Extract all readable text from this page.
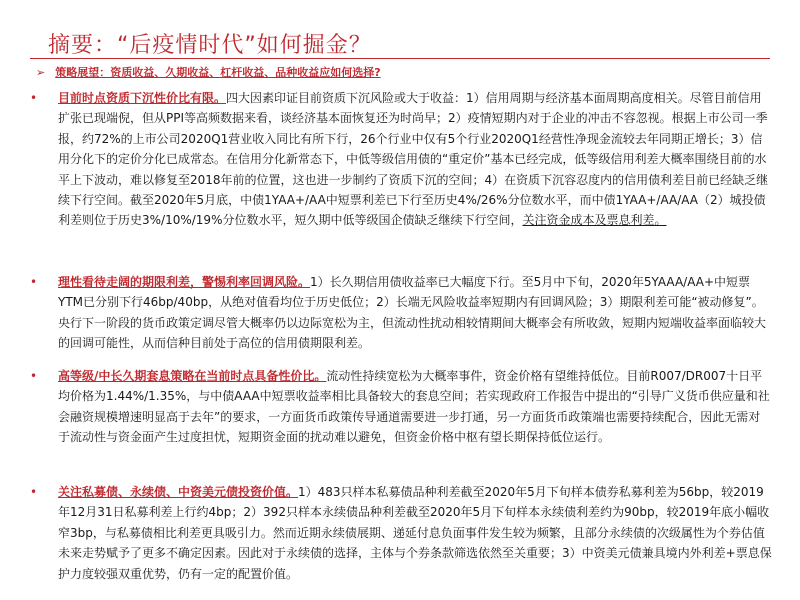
摘要：“后疫情时代”如何掘金？
➢ 策略展望：资质收益、久期收益、杠杆收益、品种收益应如何选择?
•	目前时点资质下沉性价比有限。四大因素印证目前资质下沉风险或大于收益：1）信用周期与经济基本面周期高度相关。尽管目前信用扩张已现端倪，但从PPI等高频数据来看，谈经济基本面恢复还为时尚早；2）疫情短期内对于企业的冲击不容忽视。根据上市公司一季报，约72%的上市公司2020Q1营业收入同比有所下行，26个行业中仅有5个行业2020Q1经营性净现金流较去年同期正增长；3）信用分化下的定价分化已成常态。在信用分化新常态下，中低等级信用债的“重定价”基本已经完成，低等级信用利差大概率围绕目前的水平上下波动，难以修复至2018年前的位置，这也进一步制约了资质下沉的空间；4）在资质下沉容忍度内的信用债利差目前已经缺乏继续下行空间。截至2020年5月底，中债1YAA+/AA中短票利差已下行至历史4%/26%分位数水平，而中债1YAA+/AA/AA（2）城投债利差则位于历史3%/10%/19%分位数水平，短久期中低等级国企债缺乏继续下行空间，关注资金成本及票息利差。
•	理性看待走阔的期限利差，警惕利率回调风险。1）长久期信用债收益率已大幅度下行。至5月中下旬，2020年5YAAA/AA+中短票YTM已分别下行46bp/40bp，从绝对值看均位于历史低位；2）长端无风险收益率短期内有回调风险；3）期限利差可能“被动修复”。央行下一阶段的货币政策定调尽管大概率仍以边际宽松为主，但流动性扰动相较情期间大概率会有所收敛，短期内短端收益率面临较大的回调可能性，从而信种目前处于高位的信用债期限利差。
•	高等级/中长久期套息策略在当前时点具备性价比。流动性持续宽松为大概率事件，资金价格有望维持低位。目前R007/DR007十日平均价格为1.44%/1.35%，与中债AAA中短票收益率相比具备较大的套息空间；若实现政府工作报告中提出的“引导广义货币供应量和社会融资规模增速明显高于去年”的要求，一方面货币政策传导通道需要进一步打通，另一方面货币政策端也需要持续配合，因此无需对于流动性与资金面产生过度担忧，短期资金面的扰动难以避免，但资金价格中枢有望长期保持低位运行。
•	关注私募债、永续债、中资美元债投资价值。1）483只样本私募债品种利差截至2020年5月下旬样本债券私募利差为56bp，较2019年12月31日私募利差上行约4bp；2）392只样本永续债品种利差截至2020年5月下旬样本永续债利差约为90bp，较2019年底小幅收窄3bp，与私募债相比利差更具吸引力。然而近期永续债展期、递延付息负面事件发生较为频繁，且部分永续债的次级属性为个券估值未来走势赋予了更多不确定因素。因此对于永续债的选择，主体与个券条款筛选依然至关重要；3）中资美元债兼具境内外利差+票息保护力度较强双重优势，仍有一定的配置价值。
